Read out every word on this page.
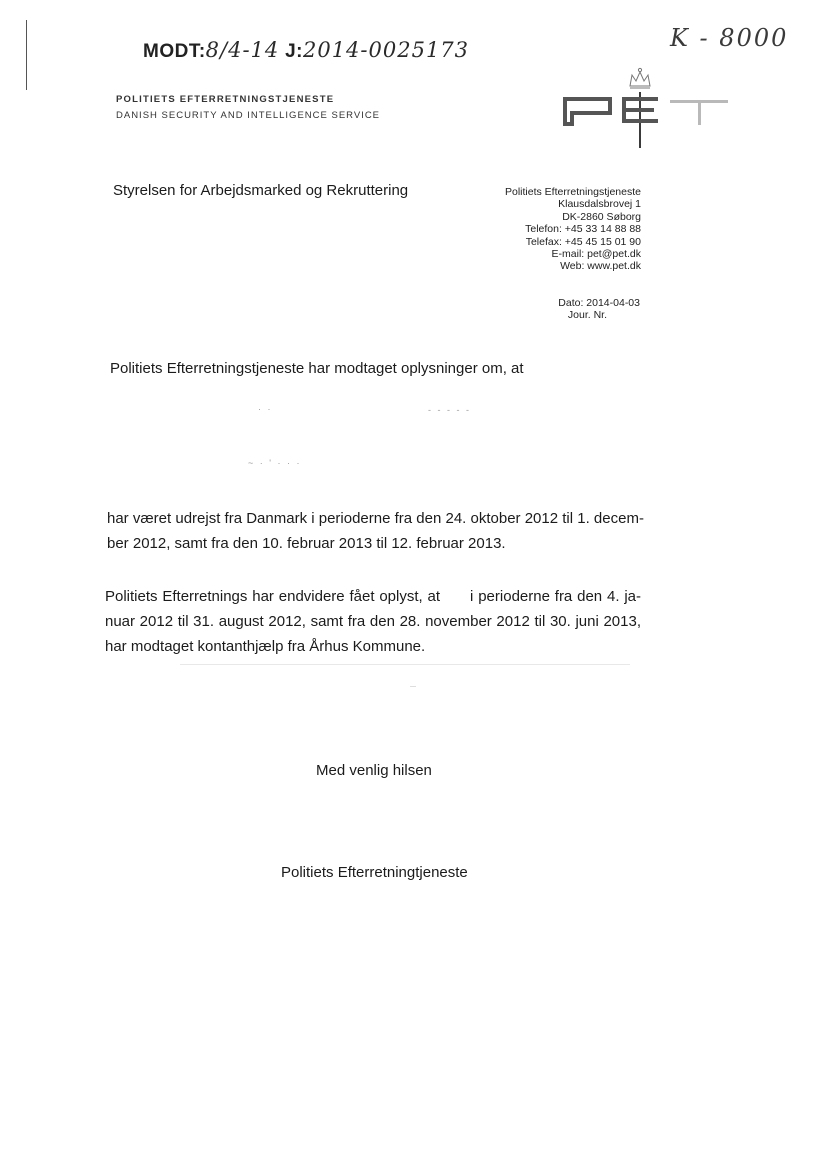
MODT:8/4-14 J:2014-0025173	K - 8000
POLITIETS EFTERRETNINGSTJENESTE
DANISH SECURITY AND INTELLIGENCE SERVICE
Styrelsen for Arbejdsmarked og Rekruttering	Politiets Efterretningstjeneste
Klausdalsbrovej 1
DK-2860 Søborg
Telefon: +45 33 14 88 88
Telefax: +45 45 15 01 90
E-mail: pet@pet.dk
Web: www.pet.dk
Dato: 2014-04-03
Jour. Nr.
Politiets Efterretningstjeneste har modtaget oplysninger om, at
· ·	- - - - -
~ · ' · · ·
har været udrejst fra Danmark i perioderne fra den 24. oktober 2012 til 1. decem-
ber 2012, samt fra den 10. februar 2013 til 12. februar 2013.
Politiets Efterretnings har endvidere fået oplyst, at i perioderne fra den 4. ja-
nuar 2012 til 31. august 2012, samt fra den 28. november 2012 til 30. juni 2013,
har modtaget kontanthjælp fra Århus Kommune.
Med venlig hilsen
Politiets Efterretningtjeneste
